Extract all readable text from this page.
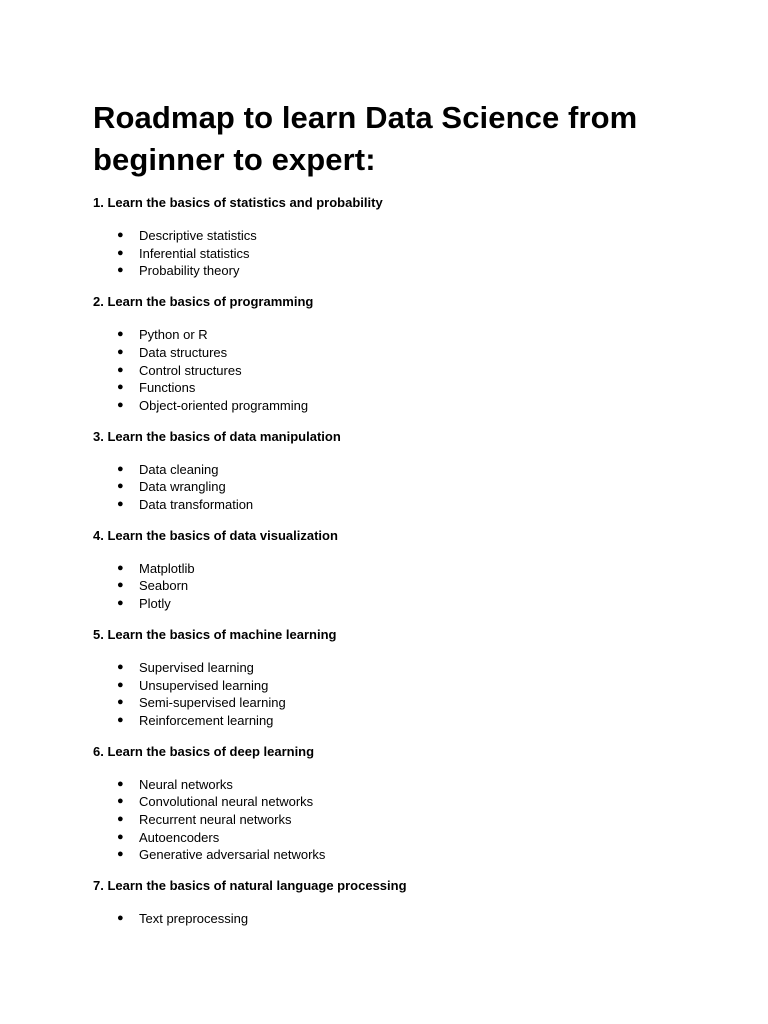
Roadmap to learn Data Science from beginner to expert:
1. Learn the basics of statistics and probability
● Descriptive statistics
● Inferential statistics
● Probability theory
2. Learn the basics of programming
● Python or R
● Data structures
● Control structures
● Functions
● Object-oriented programming
3. Learn the basics of data manipulation
● Data cleaning
● Data wrangling
● Data transformation
4. Learn the basics of data visualization
● Matplotlib
● Seaborn
● Plotly
5. Learn the basics of machine learning
● Supervised learning
● Unsupervised learning
● Semi-supervised learning
● Reinforcement learning
6. Learn the basics of deep learning
● Neural networks
● Convolutional neural networks
● Recurrent neural networks
● Autoencoders
● Generative adversarial networks
7. Learn the basics of natural language processing
● Text preprocessing
